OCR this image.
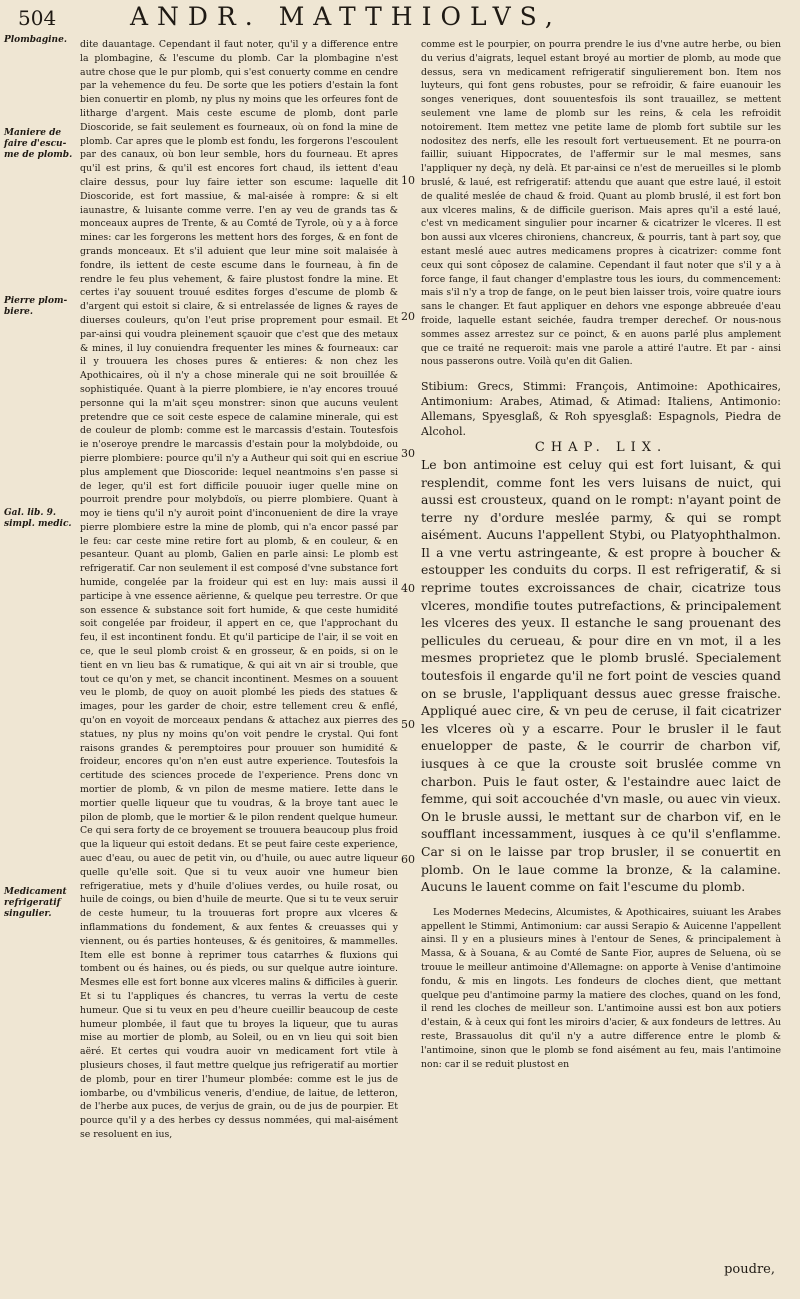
504	ANDR. MATTHIOLVS,
Plombagine.
Maniere de faire d'escu-me de plomb.
Pierre plom-biere.
Gal. lib. 9. simpl. medic.
Medicament refrigeratif singulier.
10
20
30
40
50
60

dite dauantage. Cependant il faut noter, qu'il y a difference entre la plombagine, & l'escume du plomb. Car la plombagine n'est autre chose que le pur plomb, qui s'est conuerty comme en cendre par la vehemence du feu. De sorte que les potiers d'estain la font bien conuertir en plomb, ny plus ny moins que les orfeures font de litharge d'argent. Mais ceste escume de plomb, dont parle Dioscoride, se fait seulement es fourneaux, où on fond la mine de plomb. Car apres que le plomb est fondu, les forgerons l'escoulent par des canaux, où bon leur semble, hors du fourneau. Et apres qu'il est prins, & qu'il est encores fort chaud, ils iettent d'eau claire dessus, pour luy faire ietter son escume: laquelle dit Dioscoride, est fort massiue, & mal-aisée à rompre: & si elt iaunastre, & luisante comme verre. I'en ay veu de grands tas & monceaux aupres de Trente, & au Comté de Tyrole, où y a à force mines: car les forgerons les mettent hors des forges, & en font de grands monceaux. Et s'il aduient que leur mine soit malaisée à fondre, ils iettent de ceste escume dans le fourneau, à fin de rendre le feu plus vehement, & faire plustost fondre la mine. Et certes i'ay souuent trouué esdites forges d'escume de plomb & d'argent qui estoit si claire, & si entrelassée de lignes & rayes de diuerses couleurs, qu'on l'eut prise proprement pour esmail. Et par-ainsi qui voudra pleinement sçauoir que c'est que des metaux & mines, il luy conuiendra frequenter les mines & fourneaux: car il y trouuera les choses pures & entieres: & non chez les Apothicaires, où il n'y a chose minerale qui ne soit brouillée & sophistiquée. Quant à la pierre plombiere, ie n'ay encores trouué personne qui la m'ait sçeu monstrer: sinon que aucuns veulent pretendre que ce soit ceste espece de calamine minerale, qui est de couleur de plomb: comme est le marcassis d'estain. Toutesfois ie n'oseroye prendre le marcassis d'estain pour la molybdoide, ou pierre plombiere: pource qu'il n'y a Autheur qui soit qui en escriue plus amplement que Dioscoride: lequel neantmoins s'en passe si de leger, qu'il est fort difficile pouuoir iuger quelle mine on pourroit prendre pour molybdoïs, ou pierre plombiere. Quant à moy ie tiens qu'il n'y auroit point d'inconuenient de dire la vraye pierre plombiere estre la mine de plomb, qui n'a encor passé par le feu: car ceste mine retire fort au plomb, & en couleur, & en pesanteur. Quant au plomb, Galien en parle ainsi: Le plomb est refrigeratif. Car non seulement il est composé d'vne substance fort humide, congelée par la froideur qui est en luy: mais aussi il participe à vne essence aërienne, & quelque peu terrestre. Or que son essence & substance soit fort humide, & que ceste humidité soit congelée par froideur, il appert en ce, que l'approchant du feu, il est incontinent fondu. Et qu'il participe de l'air, il se voit en ce, que le seul plomb croist & en grosseur, & en poids, si on le tient en vn lieu bas & rumatique, & qui ait vn air si trouble, que tout ce qu'on y met, se chancit incontinent. Mesmes on a souuent veu le plomb, de quoy on auoit plombé les pieds des statues & images, pour les garder de choir, estre tellement creu & enflé, qu'on en voyoit de morceaux pendans & attachez aux pierres des statues, ny plus ny moins qu'on voit pendre le crystal. Qui font raisons grandes & peremptoires pour prouuer son humidité & froideur, encores qu'on n'en eust autre experience. Toutesfois la certitude des sciences procede de l'experience. Prens donc vn mortier de plomb, & vn pilon de mesme matiere. Iette dans le mortier quelle liqueur que tu voudras, & la broye tant auec le pilon de plomb, que le mortier & le pilon rendent quelque humeur. Ce qui sera forty de ce broyement se trouuera beaucoup plus froid que la liqueur qui estoit dedans. Et se peut faire ceste experience, auec d'eau, ou auec de petit vin, ou d'huile, ou auec autre liqueur quelle qu'elle soit. Que si tu veux auoir vne humeur bien refrigeratiue, mets y d'huile d'oliues verdes, ou huile rosat, ou huile de coings, ou bien d'huile de meurte. Que si tu te veux seruir de ceste humeur, tu la trouueras fort propre aux vlceres & inflammations du fondement, & aux fentes & creuasses qui y viennent, ou és parties honteuses, & és genitoires, & mammelles. Item elle est bonne à reprimer tous catarrhes & fluxions qui tombent ou és haines, ou és pieds, ou sur quelque autre iointure. Mesmes elle est fort bonne aux vlceres malins & difficiles à guerir. Et si tu l'appliques és chancres, tu verras la vertu de ceste humeur. Que si tu veux en peu d'heure cueillir beaucoup de ceste humeur plombée, il faut que tu broyes la liqueur, que tu auras mise au mortier de plomb, au Soleil, ou en vn lieu qui soit bien aëré. Et certes qui voudra auoir vn medicament fort vtile à plusieurs choses, il faut mettre quelque jus refrigeratif au mortier de plomb, pour en tirer l'humeur plombée: comme est le jus de iombarbe, ou d'vmbilicus veneris, d'endiue, de laitue, de letteron, de l'herbe aux puces, de verjus de grain, ou de jus de pourpier. Et pource qu'il y a des herbes cy dessus nommées, qui mal-aisément se resoluent en ius,

comme est le pourpier, on pourra prendre le ius d'vne autre herbe, ou bien du verius d'aigrats, lequel estant broyé au mortier de plomb, au mode que dessus, sera vn medicament refrigeratif singulierement bon. Item nos luyteurs, qui font gens robustes, pour se refroidir, & faire euanouir les songes veneriques, dont souuentesfois ils sont trauaillez, se mettent seulement vne lame de plomb sur les reins, & cela les refroidit notoirement. Item mettez vne petite lame de plomb fort subtile sur les nodositez des nerfs, elle les resoult fort vertueusement. Et ne pourra-on faillir, suiuant Hippocrates, de l'affermir sur le mal mesmes, sans l'appliquer ny deçà, ny delà. Et par-ainsi ce n'est de merueilles si le plomb bruslé, & laué, est refrigeratif: attendu que auant que estre laué, il estoit de qualité meslée de chaud & froid. Quant au plomb bruslé, il est fort bon aux vlceres malins, & de difficile guerison. Mais apres qu'il a esté laué, c'est vn medicament singulier pour incarner & cicatrizer le vlceres. Il est bon aussi aux vlceres chironiens, chancreux, & pourris, tant à part soy, que estant meslé auec autres medicamens propres à cicatrizer: comme font ceux qui sont côposez de calamine. Cependant il faut noter que s'il y a à force fange, il faut changer d'emplastre tous les iours, du commencement: mais s'il n'y a trop de fange, on le peut bien laisser trois, voire quatre iours sans le changer. Et faut appliquer en dehors vne esponge abbreuée d'eau froide, laquelle estant seichée, faudra tremper derechef. Or nous-nous sommes assez arrestez sur ce poinct, & en auons parlé plus amplement que ce traité ne requeroit: mais vne parole a attiré l'autre. Et par - ainsi nous passerons outre. Voilà qu'en dit Galien.

Stibium: Grecs, Stimmi: François, Antimoine: Apothicaires, Antimonium: Arabes, Atimad, & Atimad: Italiens, Antimonio: Allemans, Spyesglaß, & Roh spyesglaß: Espagnols, Piedra de Alcohol.

CHAP. LIX.

Le bon antimoine est celuy qui est fort luisant, & qui resplendit, comme font les vers luisans de nuict, qui aussi est crousteux, quand on le rompt: n'ayant point de terre ny d'ordure meslée parmy, & qui se rompt aisément. Aucuns l'appellent Stybi, ou Platyophthalmon. Il a vne vertu astringeante, & est propre à boucher & estoupper les conduits du corps. Il est refrigeratif, & si reprime toutes excroissances de chair, cicatrize tous vlceres, mondifie toutes putrefactions, & principalement les vlceres des yeux. Il estanche le sang prouenant des pellicules du cerueau, & pour dire en vn mot, il a les mesmes proprietez que le plomb bruslé. Specialement toutesfois il engarde qu'il ne fort point de vescies quand on se brusle, l'appliquant dessus auec gresse fraische. Appliqué auec cire, & vn peu de ceruse, il fait cicatrizer les vlceres où y a escarre. Pour le brusler il le faut enuelopper de paste, & le courrir de charbon vif, iusques à ce que la crouste soit bruslée comme vn charbon. Puis le faut oster, & l'estaindre auec laict de femme, qui soit accouchée d'vn masle, ou auec vin vieux. On le brusle aussi, le mettant sur de charbon vif, en le soufflant incessamment, iusques à ce qu'il s'enflamme. Car si on le laisse par trop brusler, il se conuertit en plomb. On le laue comme la bronze, & la calamine. Aucuns le lauent comme on fait l'escume du plomb.

Les Modernes Medecins, Alcumistes, & Apothicaires, suiuant les Arabes appellent le Stimmi, Antimonium: car aussi Serapio & Auicenne l'appellent ainsi. Il y en a plusieurs mines à l'entour de Senes, & principalement à Massa, & à Souana, & au Comté de Sante Fior, aupres de Seluena, où se trouue le meilleur antimoine d'Allemagne: on apporte à Venise d'antimoine fondu, & mis en lingots. Les fondeurs de cloches dient, que mettant quelque peu d'antimoine parmy la matiere des cloches, quand on les fond, il rend les cloches de meilleur son. L'antimoine aussi est bon aux potiers d'estain, & à ceux qui font les miroirs d'acier, & aux fondeurs de lettres. Au reste, Brassauolus dit qu'il n'y a autre difference entre le plomb & l'antimoine, sinon que le plomb se fond aisément au feu, mais l'antimoine non: car il se reduit plustost en

poudre,
